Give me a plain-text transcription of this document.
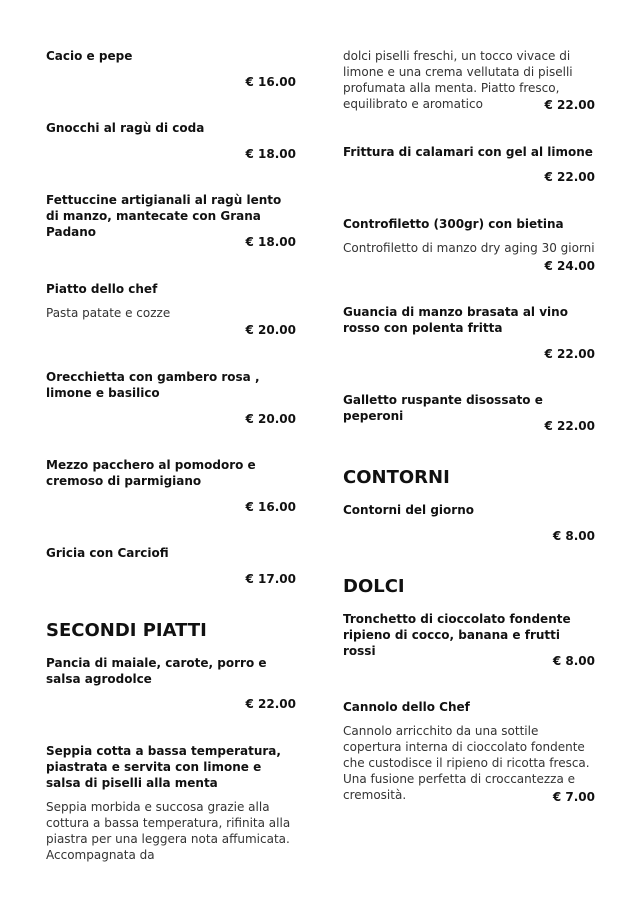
Cacio e pepe

€ 16.00

Gnocchi al ragù di coda

€ 18.00

Fettuccine artigianali al ragù lento di manzo, mantecate con Grana Padano

€ 18.00

Piatto dello chef

Pasta patate e cozze

€ 20.00

Orecchietta con gambero rosa , limone e basilico

€ 20.00

Mezzo pacchero al pomodoro e cremoso di parmigiano

€ 16.00

Gricia con Carciofi

€ 17.00
SECONDI PIATTI

Pancia di maiale, carote, porro e salsa agrodolce

€ 22.00

Seppia cotta a bassa temperatura, piastrata e servita con limone e salsa di piselli alla menta

Seppia morbida e succosa grazie alla cottura a bassa temperatura, rifinita alla piastra per una leggera nota affumicata. Accompagnata da

dolci piselli freschi, un tocco vivace di limone e una crema vellutata di piselli profumata alla menta. Piatto fresco, equilibrato e aromatico	€ 22.00

Frittura di calamari con gel al limone

€ 22.00

Controfiletto (300gr) con bietina

Controfiletto di manzo dry aging 30 giorni

€ 24.00

Guancia di manzo brasata al vino rosso con polenta fritta

€ 22.00

Galletto ruspante disossato e peperoni

€ 22.00
CONTORNI

Contorni del giorno

€ 8.00
DOLCI

Tronchetto di cioccolato fondente ripieno di cocco, banana e frutti rossi

€ 8.00

Cannolo dello Chef

Cannolo arricchito da una sottile copertura interna di cioccolato fondente che custodisce il ripieno di ricotta fresca. Una fusione perfetta di croccantezza e cremosità.	€ 7.00
